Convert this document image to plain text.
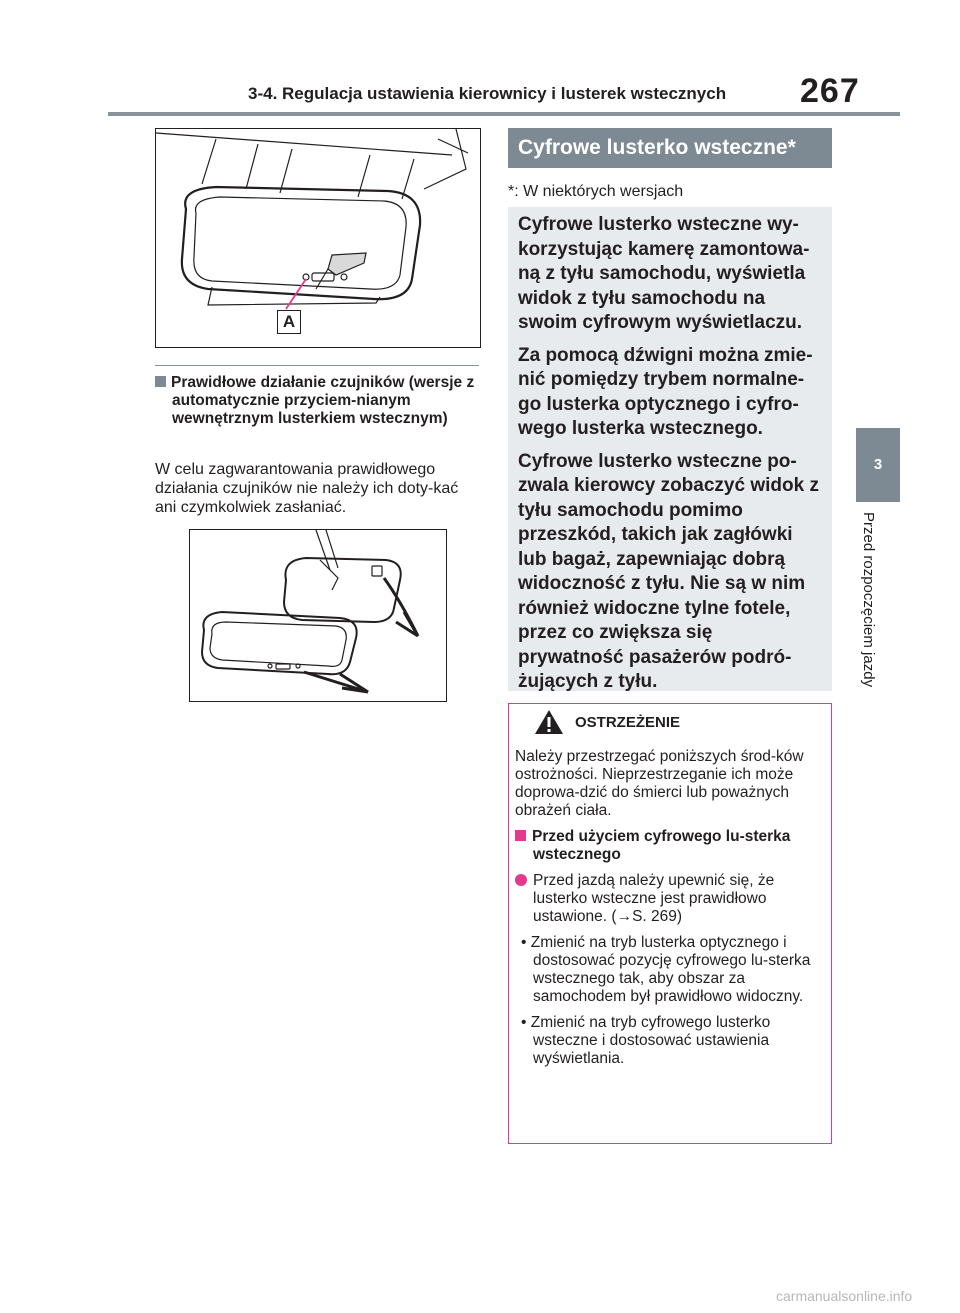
3-4. Regulacja ustawienia kierownicy i lusterek wstecznych 267
3
Przed rozpoczęciem jazdy
A
Prawidłowe działanie czujników (wersje z automatycznie przyciem-nianym wewnętrznym lusterkiem wstecznym)
W celu zagwarantowania prawidłowego działania czujników nie należy ich doty-kać ani czymkolwiek zasłaniać.
Cyfrowe lusterko wsteczne*
*: W niektórych wersjach

Cyfrowe lusterko wsteczne wy-korzystując kamerę zamontowa-ną z tyłu samochodu, wyświetla widok z tyłu samochodu na swoim cyfrowym wyświetlaczu.

Za pomocą dźwigni można zmie-nić pomiędzy trybem normalne-go lusterka optycznego i cyfro-wego lusterka wstecznego.

Cyfrowe lusterko wsteczne po-zwala kierowcy zobaczyć widok z tyłu samochodu pomimo przeszkód, takich jak zagłówki lub bagaż, zapewniając dobrą widoczność z tyłu. Nie są w nim również widoczne tylne fotele, przez co zwiększa się prywatność pasażerów podró-żujących z tyłu.

OSTRZEŻENIE

Należy przestrzegać poniższych środ-ków ostrożności. Nieprzestrzeganie ich może doprowa-dzić do śmierci lub poważnych obrażeń ciała.

Przed użyciem cyfrowego lu-sterka wstecznego
Przed jazdą należy upewnić się, że lusterko wsteczne jest prawidłowo ustawione. (→S. 269)
• Zmienić na tryb lusterka optycznego i dostosować pozycję cyfrowego lu-sterka wstecznego tak, aby obszar za samochodem był prawidłowo widoczny.
• Zmienić na tryb cyfrowego lusterko wsteczne i dostosować ustawienia wyświetlania.
carmanualsonline.info
